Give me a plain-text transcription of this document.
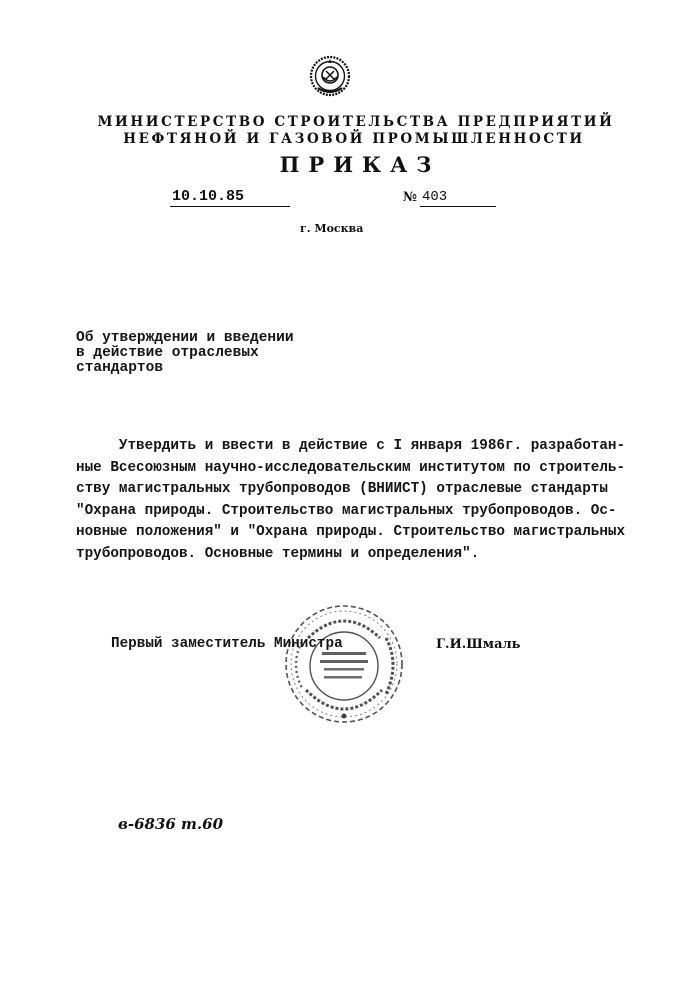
МИНИСТЕРСТВО СТРОИТЕЛЬСТВА ПРЕДПРИЯТИЙ
НЕФТЯНОЙ И ГАЗОВОЙ ПРОМЫШЛЕННОСТИ
ПРИКАЗ
10.10.85	№ 403
г. Москва
Об утверждении и введении
в действие отраслевых
стандартов
Утвердить и ввести в действие с I января 1986г. разработан-
ные Всесоюзным научно-исследовательским институтом по строитель-
ству магистральных трубопроводов (ВНИИСТ) отраслевые стандарты
"Охрана природы. Строительство магистральных трубопроводов. Ос-
новные положения" и "Охрана природы. Строительство магистральных
трубопроводов. Основные термины и определения".
Первый заместитель Министра	Г.И.Шмаль
в-6836 т.60
